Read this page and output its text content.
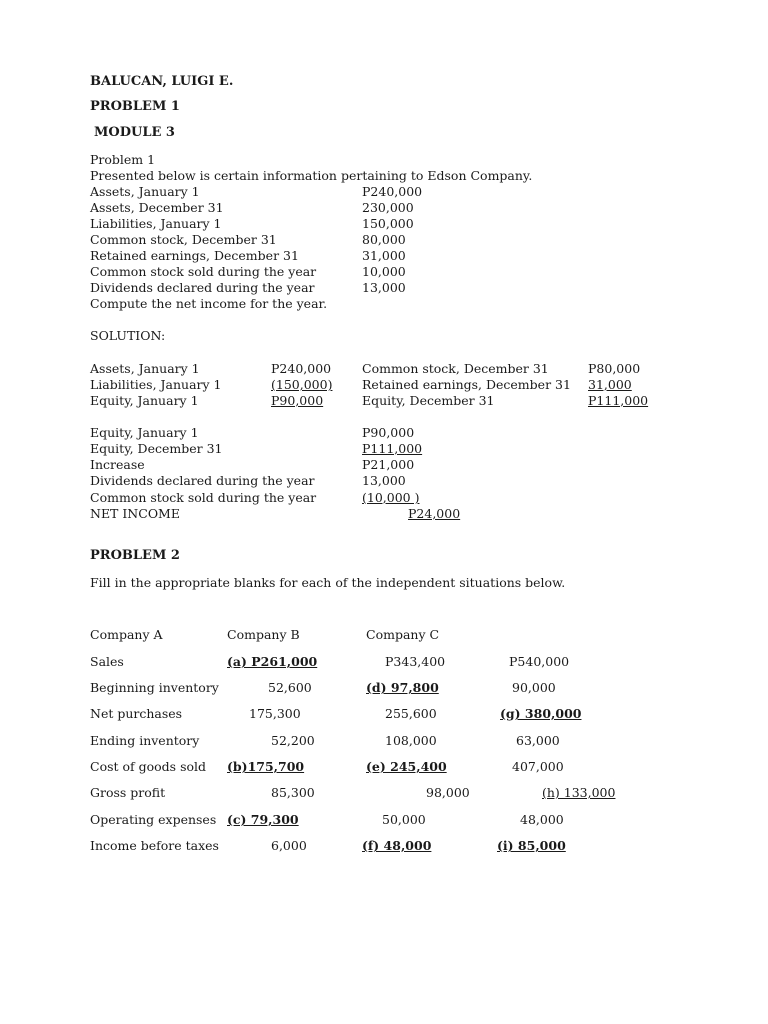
BALUCAN, LUIGI E.
PROBLEM 1
MODULE 3
Problem 1
Presented below is certain information pertaining to Edson Company.
Assets, January 1	P240,000
Assets, December 31	230,000
Liabilities, January 1	150,000
Common stock, December 31	80,000
Retained earnings, December 31	31,000
Common stock sold during the year	10,000
Dividends declared during the year	13,000
Compute the net income for the year.
SOLUTION:
Assets, January 1	P240,000
Liabilities, January 1	(150,000)
Equity, January 1	P90,000
Common stock, December 31	P80,000
Retained earnings, December 31 31,000
Equity, December 31	P111,000
Equity, January 1	P90,000
Equity, December 31	P111,000
Increase	P21,000
Dividends declared during the year	13,000
Common stock sold during the year	(10,000 )
NET INCOME	P24,000
PROBLEM 2
Fill in the appropriate blanks for each of the independent situations below.
Company A	Company B	Company C
Sales	(a) P261,000	P343,400	P540,000
Beginning inventory	52,600	(d) 97,800	90,000
Net purchases	175,300	255,600	(g) 380,000
Ending inventory	52,200	108,000	63,000
Cost of goods sold (b)175,700	(e) 245,400	407,000
Gross profit	85,300	98,000	(h) 133,000
Operating expenses (c) 79,300	50,000	48,000
Income before taxes	6,000	(f) 48,000	(i) 85,000
